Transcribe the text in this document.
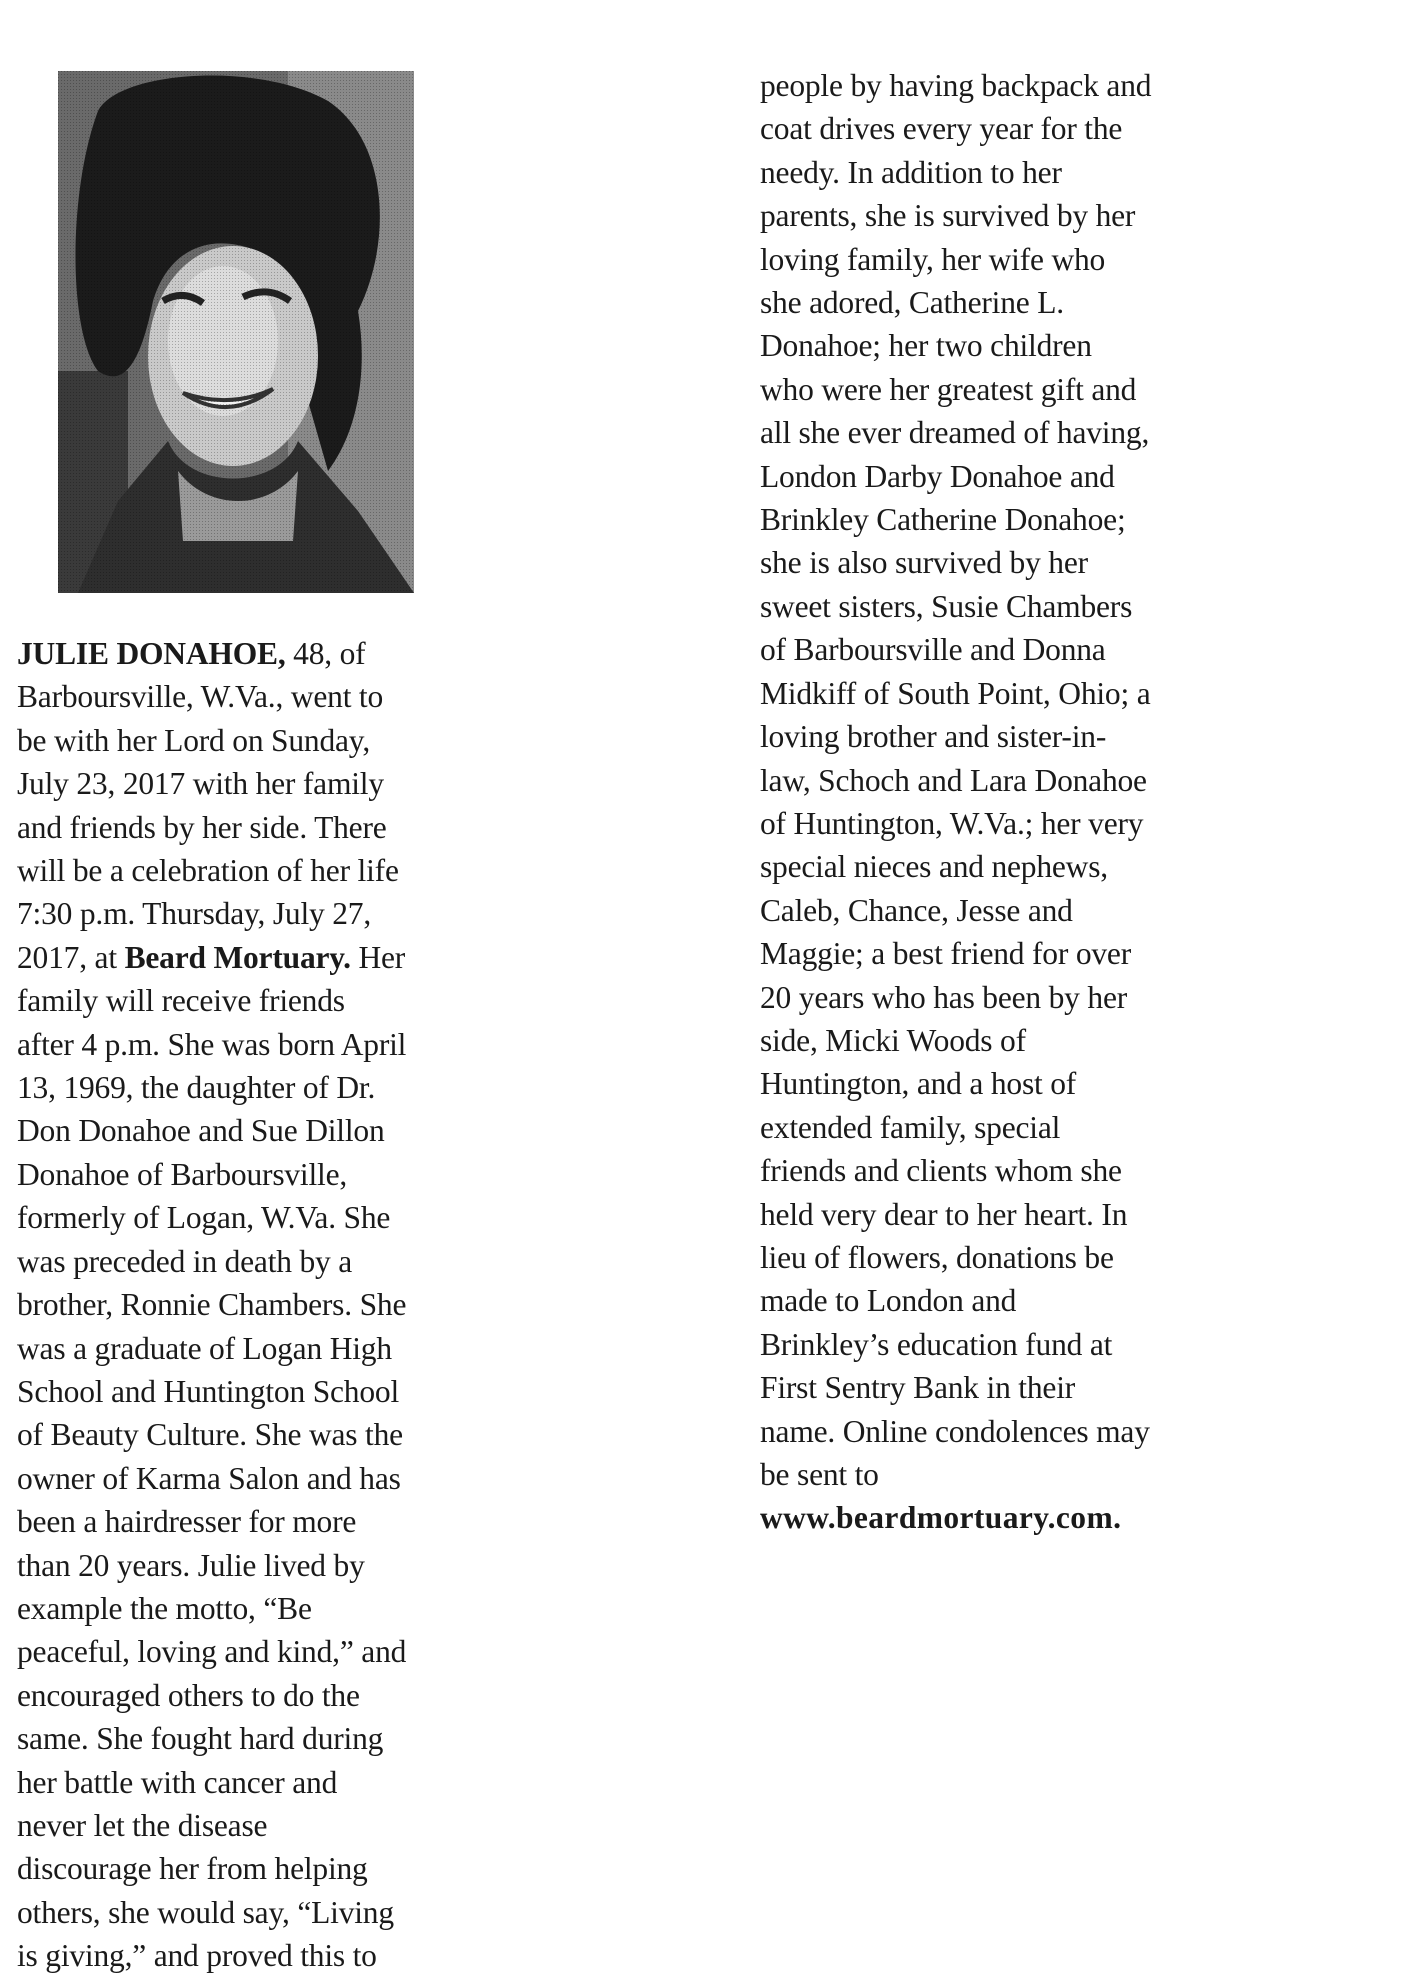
JULIE DONAHOE, 48, of

Barboursville, W.Va., went to

be with her Lord on Sunday,

July 23, 2017 with her family

and friends by her side. There

will be a celebration of her life

7:30 p.m. Thursday, July 27,

2017, at Beard Mortuary. Her

family will receive friends

after 4 p.m. She was born April

13, 1969, the daughter of Dr.

Don Donahoe and Sue Dillon

Donahoe of Barboursville,

formerly of Logan, W.Va. She

was preceded in death by a

brother, Ronnie Chambers. She

was a graduate of Logan High

School and Huntington School

of Beauty Culture. She was the

owner of Karma Salon and has

been a hairdresser for more

than 20 years. Julie lived by

example the motto, “Be

peaceful, loving and kind,” and

encouraged others to do the

same. She fought hard during

her battle with cancer and

never let the disease

discourage her from helping

others, she would say, “Living

is giving,” and proved this to

people by having backpack and

coat drives every year for the

needy. In addition to her

parents, she is survived by her

loving family, her wife who

she adored, Catherine L.

Donahoe; her two children

who were her greatest gift and

all she ever dreamed of having,

London Darby Donahoe and

Brinkley Catherine Donahoe;

she is also survived by her

sweet sisters, Susie Chambers

of Barboursville and Donna

Midkiff of South Point, Ohio; a

loving brother and sister-in-

law, Schoch and Lara Donahoe

of Huntington, W.Va.; her very

special nieces and nephews,

Caleb, Chance, Jesse and

Maggie; a best friend for over

20 years who has been by her

side, Micki Woods of

Huntington, and a host of

extended family, special

friends and clients whom she

held very dear to her heart. In

lieu of flowers, donations be

made to London and

Brinkley’s education fund at

First Sentry Bank in their

name. Online condolences may

be sent to

www.beardmortuary.com.
